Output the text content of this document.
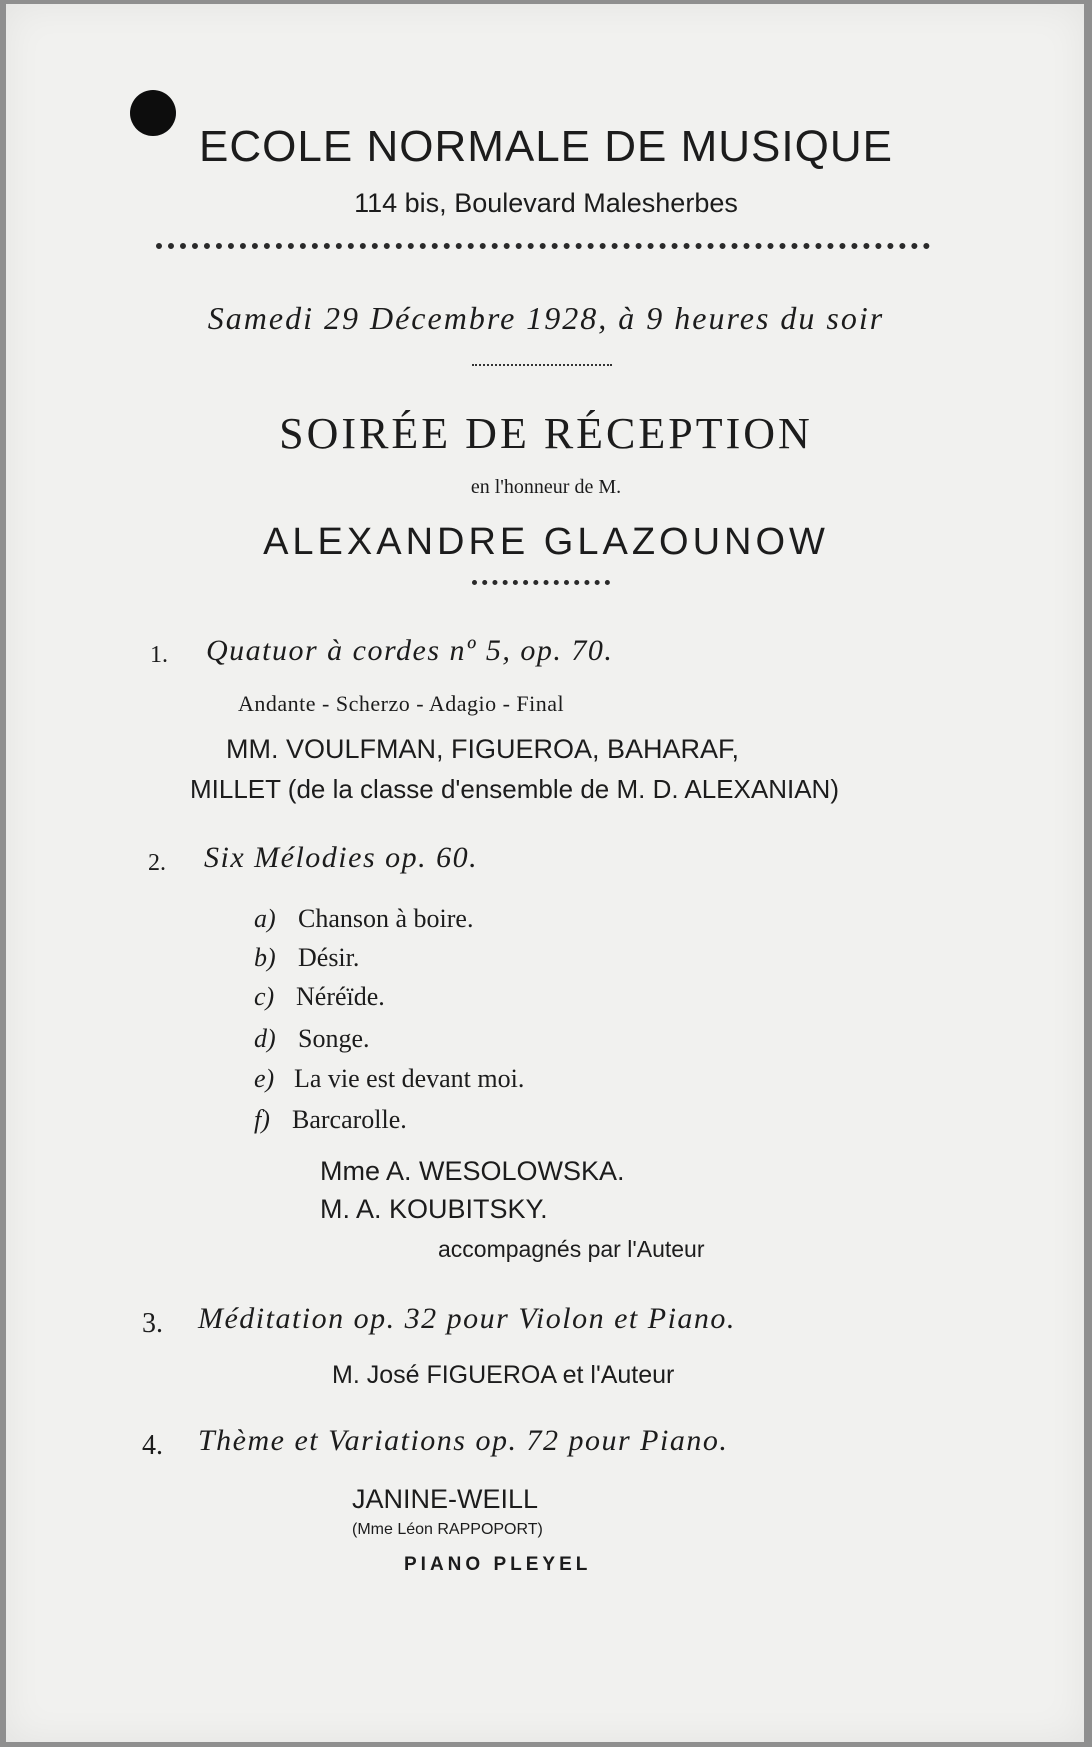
ECOLE NORMALE DE MUSIQUE
114 bis, Boulevard Malesherbes
Samedi 29 Décembre 1928, à 9 heures du soir
SOIRÉE DE RÉCEPTION
en l'honneur de M.
ALEXANDRE GLAZOUNOW
1. Quatuor à cordes nº 5, op. 70.
Andante - Scherzo - Adagio - Final
MM. VOULFMAN, FIGUEROA, BAHARAF,
MILLET (de la classe d'ensemble de M. D. ALEXANIAN)
2. Six Mélodies op. 60.
a) Chanson à boire.
b) Désir.
c) Néréïde.
d) Songe.
e) La vie est devant moi.
f) Barcarolle.
Mme A. WESOLOWSKA.
M. A. KOUBITSKY.
accompagnés par l'Auteur
3. Méditation op. 32 pour Violon et Piano.
M. José FIGUEROA et l'Auteur
4. Thème et Variations op. 72 pour Piano.
JANINE-WEILL
(Mme Léon RAPPOPORT)
PIANO PLEYEL
